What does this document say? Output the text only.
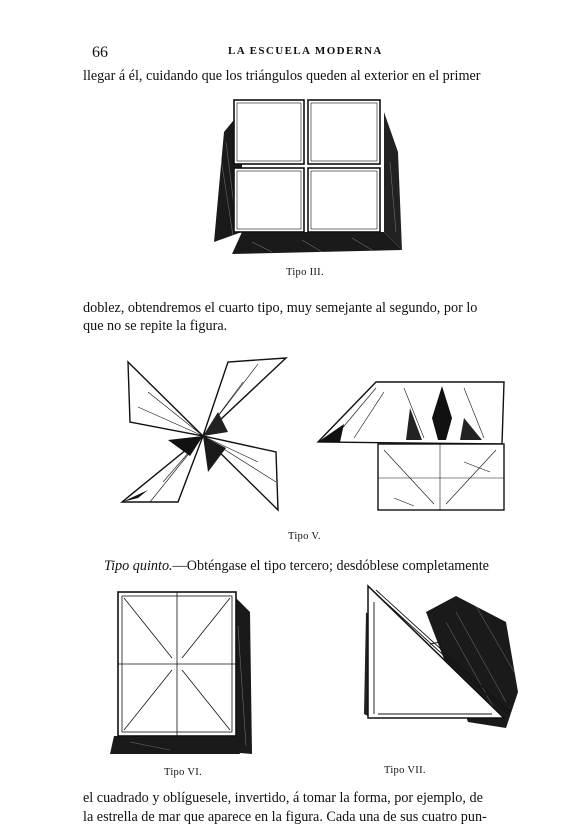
66	LA ESCUELA MODERNA
llegar á él, cuidando que los triángulos queden al exterior en el primer
Tipo III.
doblez, obtendremos el cuarto tipo, muy semejante al segundo, por lo
que no se repite la figura.
Tipo V.
Tipo quinto.—Obténgase el tipo tercero; desdóblese completamente
Tipo VI.	Tipo VII.
el cuadrado y oblíguesele, invertido, á tomar la forma, por ejemplo, de
la estrella de mar que aparece en la figura. Cada una de sus cuatro pun-
